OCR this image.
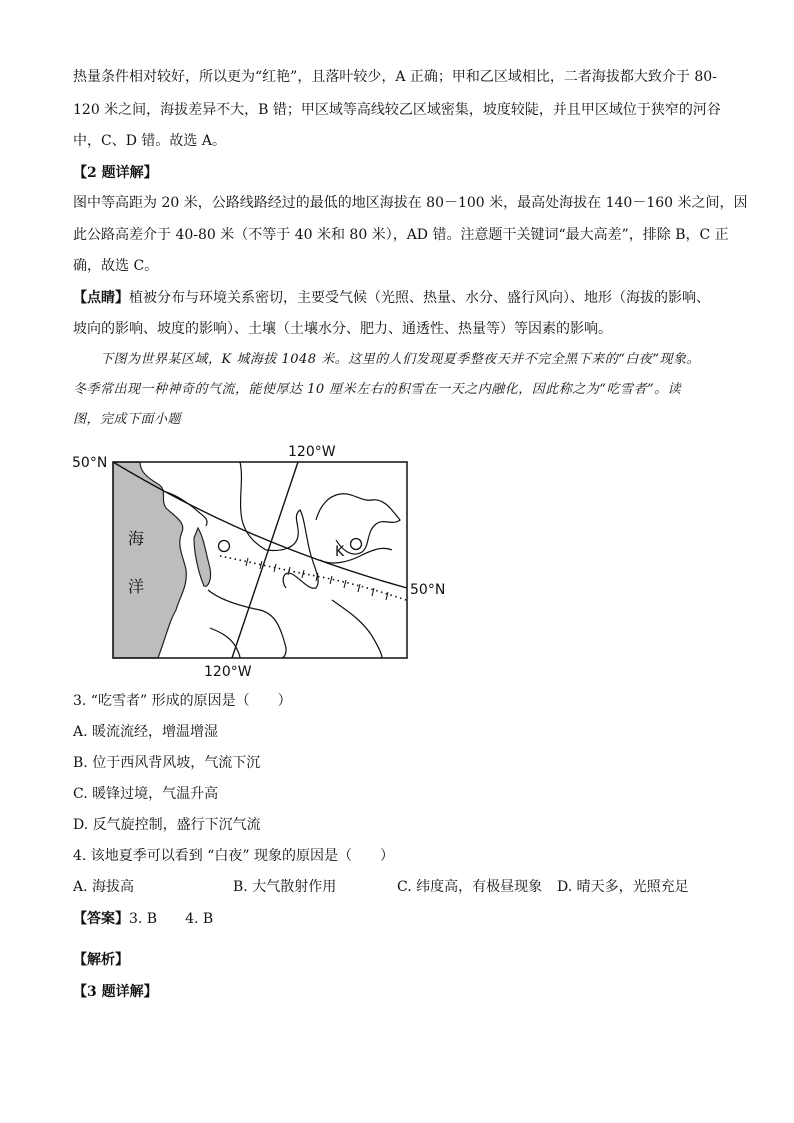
热量条件相对较好，所以更为“红艳”，且落叶较少，A 正确；甲和乙区域相比，二者海拔都大致介于 80-
120 米之间，海拔差异不大，B 错；甲区域等高线较乙区域密集，坡度较陡，并且甲区域位于狭窄的河谷
中，C、D 错。故选 A。
【2 题详解】
图中等高距为 20 米，公路线路经过的最低的地区海拔在 80－100 米，最高处海拔在 140－160 米之间，因
此公路高差介于 40-80 米（不等于 40 米和 80 米），AD 错。注意题干关键词“最大高差”，排除 B，C 正
确，故选 C。
【点睛】植被分布与环境关系密切，主要受气候（光照、热量、水分、盛行风向）、地形（海拔的影响、
坡向的影响、坡度的影响）、土壤（土壤水分、肥力、通透性、热量等）等因素的影响。
下图为世界某区域，K 城海拔 1048 米。这里的人们发现夏季整夜天并不完全黑下来的“白夜”现象。
冬季常出现一种神奇的气流，能使厚达 10 厘米左右的积雪在一天之内融化，因此称之为“吃雪者”。读
图，完成下面小题
120°W
120°W
50°N
50°N
海
洋
K
3. “吃雪者” 形成的原因是（　　）
A. 暖流流经，增温增湿
B. 位于西风背风坡，气流下沉
C. 暖锋过境，气温升高
D. 反气旋控制，盛行下沉气流
4. 该地夏季可以看到 “白夜” 现象的原因是（　　）
A. 海拔高	B. 大气散射作用	C. 纬度高，有极昼现象 D. 晴天多，光照充足
【答案】3. B　　4. B
【解析】
【3 题详解】
